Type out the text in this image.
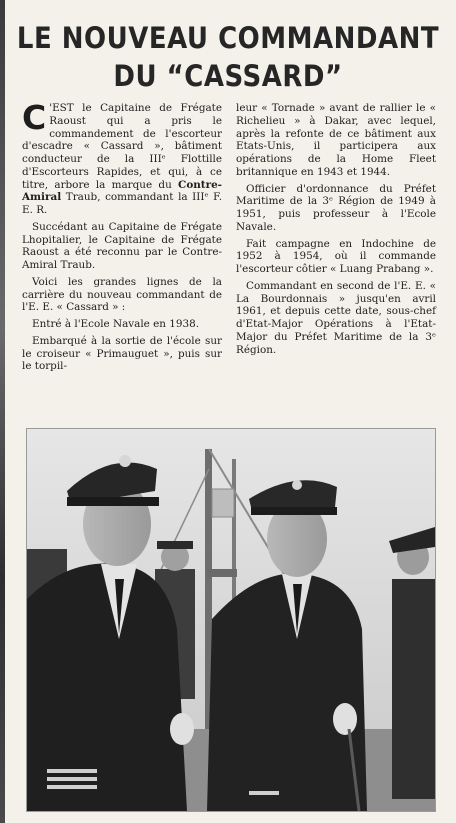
LE NOUVEAU COMMANDANT
DU “CASSARD”

C 'EST le Capitaine de Frégate Raoust qui a pris le commandement de l'escorteur d'escadre « Cassard », bâtiment conducteur de la IIIᵉ Flottille d'Escorteurs Rapides, et qui, à ce titre, arbore la marque du Contre-Amiral Traub, commandant la IIIᵉ F. E. R.

Succédant au Capitaine de Frégate Lhopitalier, le Capitaine de Frégate Raoust a été reconnu par le Contre-Amiral Traub.

Voici les grandes lignes de la carrière du nouveau commandant de l'E. E. « Cassard » :

Entré à l'Ecole Navale en 1938.

Embarqué à la sortie de l'école sur le croiseur « Primauguet », puis sur le torpil-

leur « Tornade » avant de rallier le « Richelieu » à Dakar, avec lequel, après la refonte de ce bâtiment aux Etats-Unis, il participera aux opérations de la Home Fleet britannique en 1943 et 1944.

Officier d'ordonnance du Préfet Maritime de la 3ᵉ Région de 1949 à 1951, puis professeur à l'Ecole Navale.

Fait campagne en Indochine de 1952 à 1954, où il commande l'escorteur côtier « Luang Prabang ».

Commandant en second de l'E. E. « La Bourdonnais » jusqu'en avril 1961, et depuis cette date, sous-chef d'Etat-Major Opérations à l'Etat-Major du Préfet Maritime de la 3ᵉ Région.
